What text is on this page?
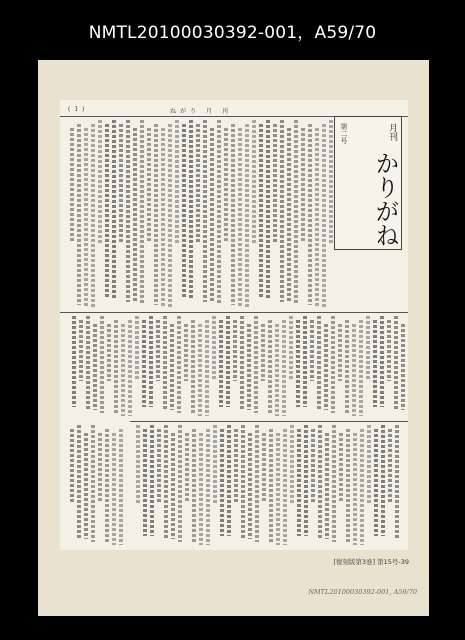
NMTL20100030392-001，A59/70
(1)	ねがり 月 刊
月刊
第二号
かりがね
[復刻版第3巻] 第15号-39
NMTL20100030392-001, A59/70
